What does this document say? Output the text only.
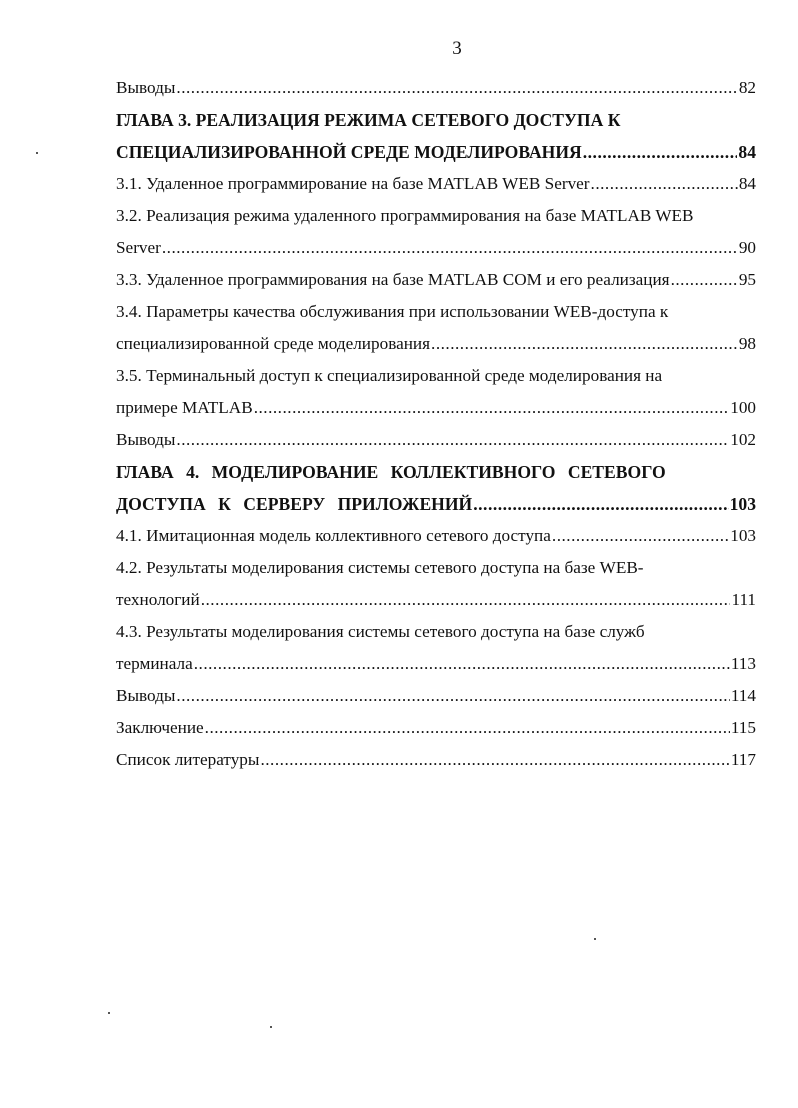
3
Выводы .....	82
ГЛАВА 3. РЕАЛИЗАЦИЯ РЕЖИМА СЕТЕВОГО ДОСТУПА К
СПЕЦИАЛИЗИРОВАННОЙ СРЕДЕ МОДЕЛИРОВАНИЯ .....	84
3.1. Удаленное программирование на базе MATLAB WEB Server .....	84
3.2. Реализация режима удаленного программирования на базе MATLAB WEB
Server .....	90
3.3. Удаленное программирования на базе MATLAB COM и его реализация .....	95
3.4. Параметры качества обслуживания при использовании WEB-доступа к
специализированной среде моделирования .....	98
3.5. Терминальный доступ к специализированной среде моделирования на
примере MATLAB .....	100
Выводы .....	102
ГЛАВА 4. МОДЕЛИРОВАНИЕ КОЛЛЕКТИВНОГО СЕТЕВОГО
ДОСТУПА К СЕРВЕРУ ПРИЛОЖЕНИЙ .....	103
4.1. Имитационная модель коллективного сетевого доступа .....	103
4.2. Результаты моделирования системы сетевого доступа на базе WEB-
технологий .....	111
4.3. Результаты моделирования системы сетевого доступа на базе служб
терминала .....	113
Выводы .....	114
Заключение .....	115
Список литературы .....	117
